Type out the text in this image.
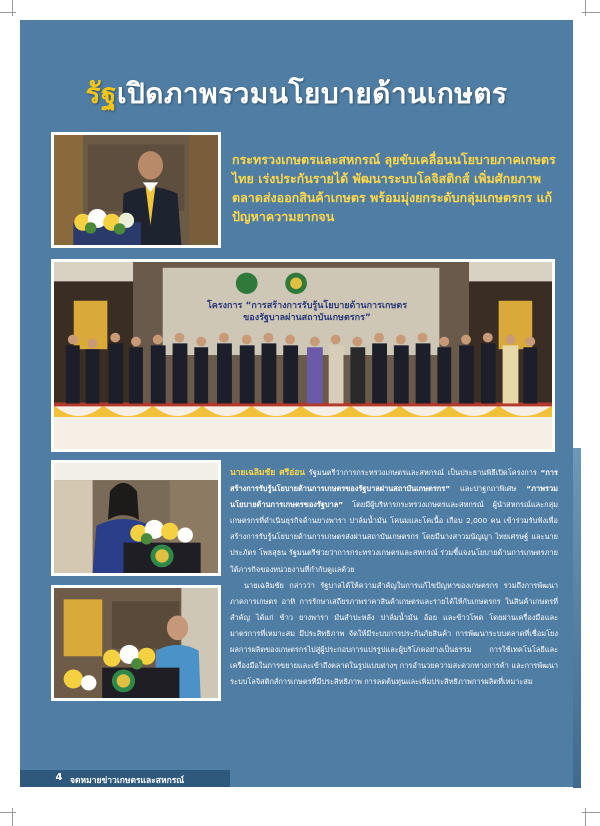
รัฐเปิดภาพรวมนโยบายด้านเกษตร
กระทรวงเกษตรและสหกรณ์ ลุยขับเคลื่อนนโยบายภาคเกษตรไทย เร่งประกันรายได้ พัฒนาระบบโลจิสติกส์ เพิ่มศักยภาพตลาดส่งออกสินค้าเกษตร พร้อมมุ่งยกระดับกลุ่มเกษตรกร แก้ปัญหาความยากจน
โครงการ “การสร้างการรับรู้นโยบายด้านการเกษตร
ของรัฐบาลผ่านสถาบันเกษตรกร”

นายเฉลิมชัย ศรีอ่อน รัฐมนตรีว่าการกระทรวงเกษตรและสหกรณ์ เป็นประธานพิธีเปิดโครงการ “การสร้างการรับรู้นโยบายด้านการเกษตรของรัฐบาลผ่านสถาบันเกษตรกร” และปาฐกถาพิเศษ “ภาพรวมนโยบายด้านการเกษตรของรัฐบาล” โดยมีผู้บริหารกระทรวงเกษตรและสหกรณ์ ผู้นำสหกรณ์และกลุ่มเกษตรกรที่ดำเนินธุรกิจด้านยางพารา ปาล์มน้ำมัน โคนมและโคเนื้อ เกือบ 2,000 คน เข้าร่วมรับฟังเพื่อสร้างการรับรู้นโยบายด้านการเกษตรส่งผ่านสถาบันเกษตรกร โดยมีนางสาวมนัญญา ไทยเศรษฐ์ และนายประภัตร โพธสุธน รัฐมนตรีช่วยว่าการกระทรวงเกษตรและสหกรณ์ ร่วมชี้แจงนโยบายด้านการเกษตรภายใต้ภารกิจของหน่วยงานที่กำกับดูแลด้วย

นายเฉลิมชัย กล่าวว่า รัฐบาลได้ให้ความสำคัญในการแก้ไขปัญหาของเกษตรกร รวมถึงการพัฒนาภาคการเกษตร อาทิ การรักษาเสถียรภาพราคาสินค้าเกษตรและรายได้ให้กับเกษตรกร ในสินค้าเกษตรที่สำคัญ ได้แก่ ข้าว ยางพารา มันสำปะหลัง ปาล์มน้ำมัน อ้อย และข้าวโพด โดยผ่านเครื่องมือและมาตรการที่เหมาะสม มีประสิทธิภาพ จัดให้มีระบบการประกันภัยสินค้า การพัฒนาระบบตลาดที่เชื่อมโยงผลการผลิตของเกษตรกรไปสู่ผู้ประกอบการแปรรูปและผู้บริโภคอย่างเป็นธรรม การใช้เทคโนโลยีและเครื่องมือในการขยายและเข้าถึงตลาดในรูปแบบต่างๆ การอำนวยความสะดวกทางการค้า และการพัฒนาระบบโลจิสติกส์การเกษตรที่มีประสิทธิภาพ การลดต้นทุนและเพิ่มประสิทธิภาพการผลิตที่เหมาะสม

4 จดหมายข่าวเกษตรและสหกรณ์
